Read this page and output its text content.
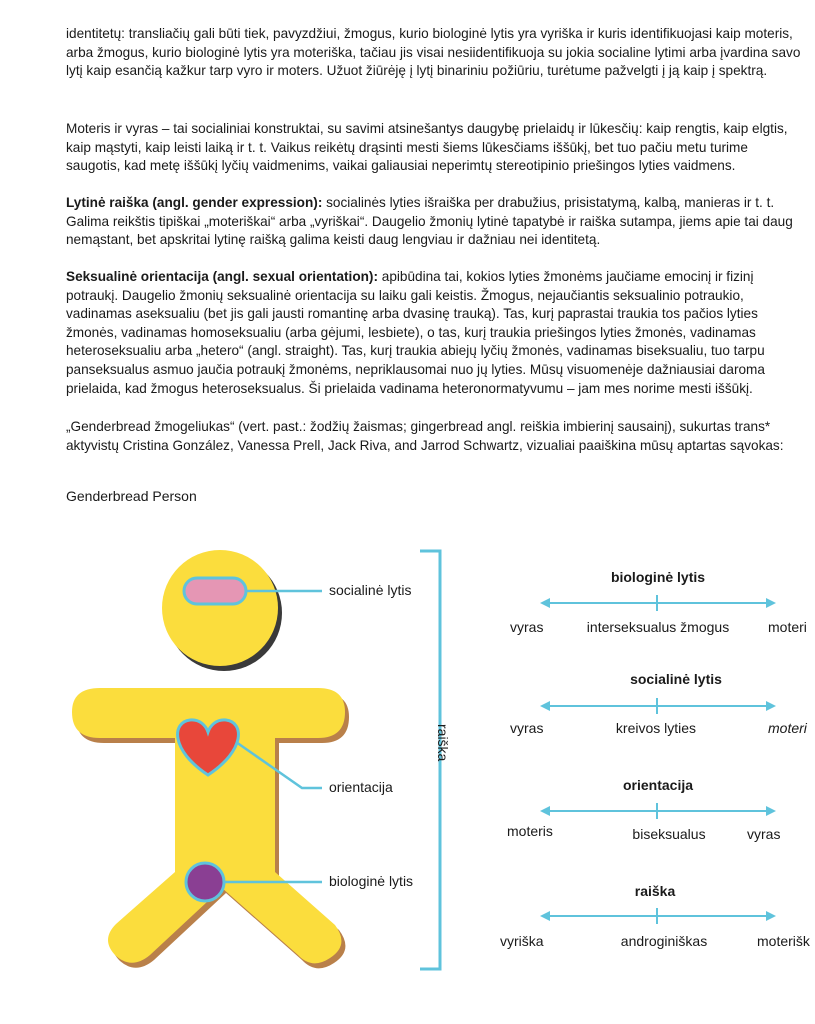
identitetų: transliačių gali būti tiek, pavyzdžiui, žmogus, kurio biologinė lytis yra vyriška ir kuris identifikuojasi kaip moteris, arba žmogus, kurio biologinė lytis yra moteriška, tačiau jis visai nesiidentifikuoja su jokia socialine lytimi arba įvardina savo lytį kaip esančią kažkur tarp vyro ir moters. Užuot žiūrėję į lytį binariniu požiūriu, turėtume pažvelgti į ją kaip į spektrą.

Moteris ir vyras – tai socialiniai konstruktai, su savimi atsinešantys daugybę prielaidų ir lūkesčių: kaip rengtis, kaip elgtis, kaip mąstyti, kaip leisti laiką ir t. t. Vaikus reikėtų drąsinti mesti šiems lūkesčiams iššūkį, bet tuo pačiu metu turime saugotis, kad metę iššūkį lyčių vaidmenims, vaikai galiausiai neperimtų stereotipinio priešingos lyties vaidmens.

Lytinė raiška (angl. gender expression): socialinės lyties išraiška per drabužius, prisistatymą, kalbą, manieras ir t. t. Galima reikštis tipiškai „moteriškai“ arba „vyriškai“. Daugelio žmonių lytinė tapatybė ir raiška sutampa, jiems apie tai daug nemąstant, bet apskritai lytinę raišką galima keisti daug lengviau ir dažniau nei identitetą.

Seksualinė orientacija (angl. sexual orientation): apibūdina tai, kokios lyties žmonėms jaučiame emocinį ir fizinį potraukį. Daugelio žmonių seksualinė orientacija su laiku gali keistis. Žmogus, nejaučiantis seksualinio potraukio, vadinamas aseksualiu (bet jis gali jausti romantinę arba dvasinę trauką). Tas, kurį paprastai traukia tos pačios lyties žmonės, vadinamas homoseksualiu (arba gėjumi, lesbiete), o tas, kurį traukia priešingos lyties žmonės, vadinamas heteroseksualiu arba „hetero“ (angl. straight). Tas, kurį traukia abiejų lyčių žmonės, vadinamas biseksualiu, tuo tarpu panseksualus asmuo jaučia potraukį žmonėms, nepriklausomai nuo jų lyties. Mūsų visuomenėje dažniausiai daroma prielaida, kad žmogus heteroseksualus. Ši prielaida vadinama heteronormatyvumu – jam mes norime mesti iššūkį.

„Genderbread žmogeliukas“ (vert. past.: žodžių žaismas; gingerbread angl. reiškia imbierinį sausainį), sukurtas trans* aktyvistų Cristina González, Vanessa Prell, Jack Riva, and Jarrod Schwartz, vizualiai paaiškina mūsų aptartas sąvokas:

Genderbread Person

socialinė lytis
orientacija
biologinė lytis
raiška
biologinė lytis
vyras	interseksualus žmogus	moteri
socialinė lytis
vyras	kreivos lyties	moteri
orientacija
moteris	biseksualus	vyras
raiška
vyriška	androginiškas	moterišk
